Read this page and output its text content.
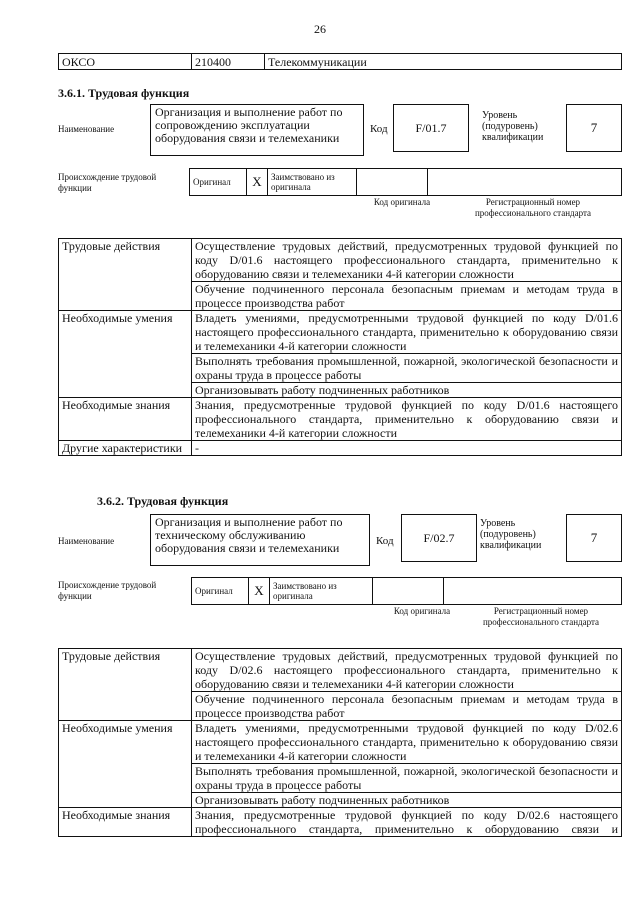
26
ОКСО	210400	Телекоммуникации
3.6.1. Трудовая функция
Наименование
Организация и выполнение работ по сопровождению эксплуатации оборудования связи и телемеханики
Код	F/01.7
Уровень (подуровень) квалификации
7
Происхождение трудовой функции
Оригинал	X	Заимствовано из оригинала		
Код оригинала	Регистрационный номер профессионального стандарта
Трудовые действия	Осуществление трудовых действий, предусмотренных трудовой функцией по коду D/01.6 настоящего профессионального стандарта, применительно к оборудованию связи и телемеханики 4-й категории сложности
	Обучение подчиненного персонала безопасным приемам и методам труда в процессе производства работ
Необходимые умения	Владеть умениями, предусмотренными трудовой функцией по коду D/01.6 настоящего профессионального стандарта, применительно к оборудованию связи и телемеханики 4-й категории сложности
	Выполнять требования промышленной, пожарной, экологической безопасности и охраны труда в процессе работы
	Организовывать работу подчиненных работников
Необходимые знания	Знания, предусмотренные трудовой функцией по коду D/01.6 настоящего профессионального стандарта, применительно к оборудованию связи и телемеханики 4-й категории сложности
Другие характеристики	-
3.6.2. Трудовая функция
Наименование
Организация и выполнение работ по техническому обслуживанию оборудования связи и телемеханики	Код	F/02.7
Уровень (подуровень) квалификации
7
Происхождение трудовой функции	Оригинал	X	Заимствовано из оригинала		
Код оригинала	Регистрационный номер профессионального стандарта
Трудовые действия	Осуществление трудовых действий, предусмотренных трудовой функцией по коду D/02.6 настоящего профессионального стандарта, применительно к оборудованию связи и телемеханики 4-й категории сложности
	Обучение подчиненного персонала безопасным приемам и методам труда в процессе производства работ
Необходимые умения	Владеть умениями, предусмотренными трудовой функцией по коду D/02.6 настоящего профессионального стандарта, применительно к оборудованию связи и телемеханики 4-й категории сложности
	Выполнять требования промышленной, пожарной, экологической безопасности и охраны труда в процессе работы
	Организовывать работу подчиненных работников
Необходимые знания	Знания, предусмотренные трудовой функцией по коду D/02.6 настоящего профессионального стандарта, применительно к оборудованию связи и
